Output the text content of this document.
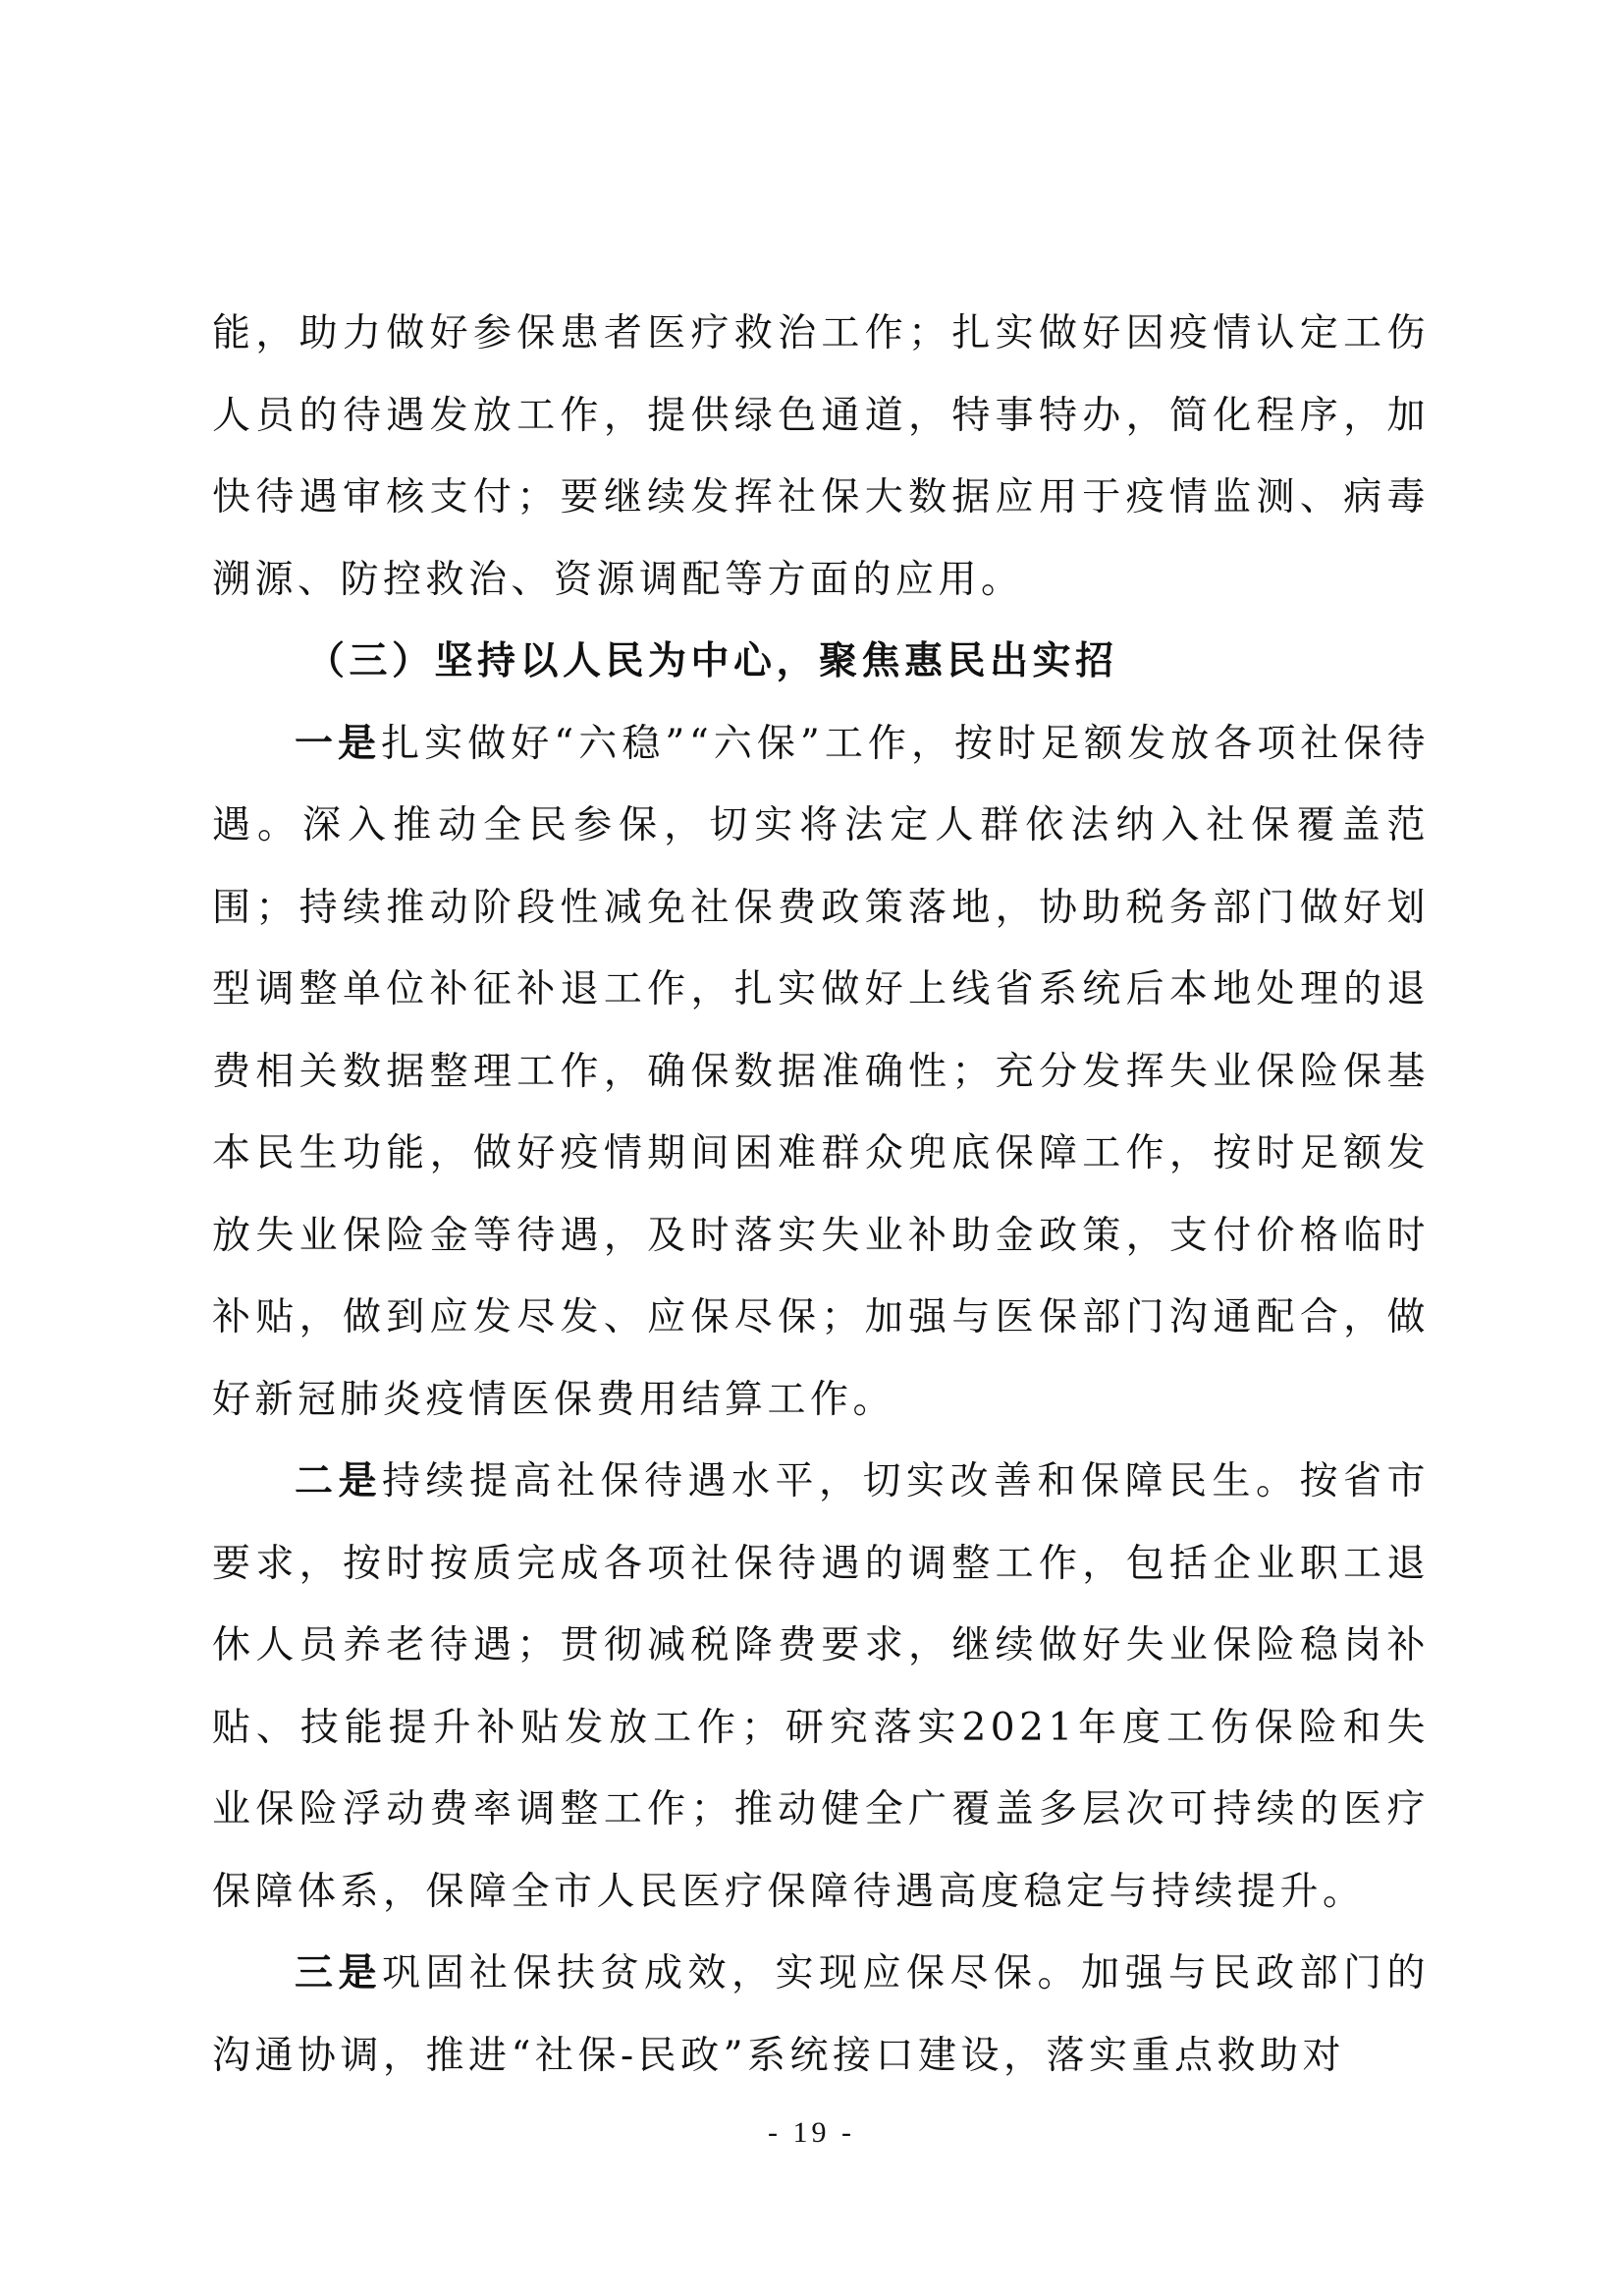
能，助力做好参保患者医疗救治工作；扎实做好因疫情认定工伤人员的待遇发放工作，提供绿色通道，特事特办，简化程序，加快待遇审核支付；要继续发挥社保大数据应用于疫情监测、病毒溯源、防控救治、资源调配等方面的应用。

（三）坚持以人民为中心，聚焦惠民出实招

一是扎实做好“六稳”“六保”工作，按时足额发放各项社保待遇。深入推动全民参保，切实将法定人群依法纳入社保覆盖范围；持续推动阶段性减免社保费政策落地，协助税务部门做好划型调整单位补征补退工作，扎实做好上线省系统后本地处理的退费相关数据整理工作，确保数据准确性；充分发挥失业保险保基本民生功能，做好疫情期间困难群众兜底保障工作，按时足额发放失业保险金等待遇，及时落实失业补助金政策，支付价格临时补贴，做到应发尽发、应保尽保；加强与医保部门沟通配合，做好新冠肺炎疫情医保费用结算工作。

二是持续提高社保待遇水平，切实改善和保障民生。按省市要求，按时按质完成各项社保待遇的调整工作，包括企业职工退休人员养老待遇；贯彻减税降费要求，继续做好失业保险稳岗补贴、技能提升补贴发放工作；研究落实2021年度工伤保险和失业保险浮动费率调整工作；推动健全广覆盖多层次可持续的医疗保障体系，保障全市人民医疗保障待遇高度稳定与持续提升。

三是巩固社保扶贫成效，实现应保尽保。加强与民政部门的沟通协调，推进“社保-民政”系统接口建设，落实重点救助对

- 19 -
